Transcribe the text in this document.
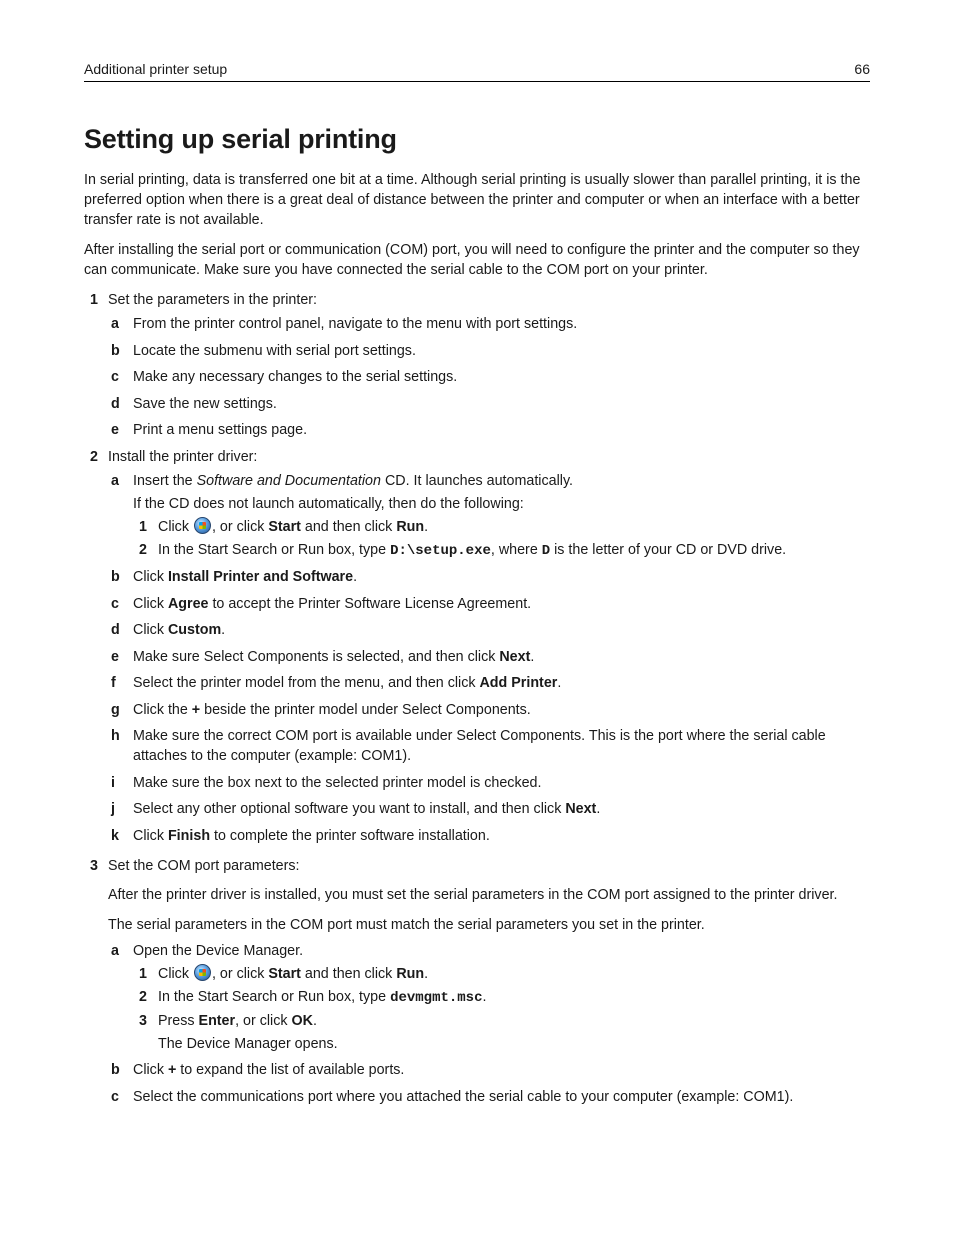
Additional printer setup	66
Setting up serial printing

In serial printing, data is transferred one bit at a time. Although serial printing is usually slower than parallel printing, it is the preferred option when there is a great deal of distance between the printer and computer or when an interface with a better transfer rate is not available.

After installing the serial port or communication (COM) port, you will need to configure the printer and the computer so they can communicate. Make sure you have connected the serial cable to the COM port on your printer.

1 Set the parameters in the printer:
a From the printer control panel, navigate to the menu with port settings.
b Locate the submenu with serial port settings.
c Make any necessary changes to the serial settings.
d Save the new settings.
e Print a menu settings page.
2 Install the printer driver:
a Insert the Software and Documentation CD. It launches automatically.
If the CD does not launch automatically, then do the following:
1 Click , or click Start and then click Run.
2 In the Start Search or Run box, type D:\setup.exe, where D is the letter of your CD or DVD drive.
b Click Install Printer and Software.
c Click Agree to accept the Printer Software License Agreement.
d Click Custom.
e Make sure Select Components is selected, and then click Next.
f Select the printer model from the menu, and then click Add Printer.
g Click the + beside the printer model under Select Components.
h Make sure the correct COM port is available under Select Components. This is the port where the serial cable attaches to the computer (example: COM1).
i Make sure the box next to the selected printer model is checked.
j Select any other optional software you want to install, and then click Next.
k Click Finish to complete the printer software installation.
3 Set the COM port parameters:

After the printer driver is installed, you must set the serial parameters in the COM port assigned to the printer driver.

The serial parameters in the COM port must match the serial parameters you set in the printer.

a Open the Device Manager.
1 Click , or click Start and then click Run.
2 In the Start Search or Run box, type devmgmt.msc.
3 Press Enter, or click OK.
The Device Manager opens.
b Click + to expand the list of available ports.
c Select the communications port where you attached the serial cable to your computer (example: COM1).
